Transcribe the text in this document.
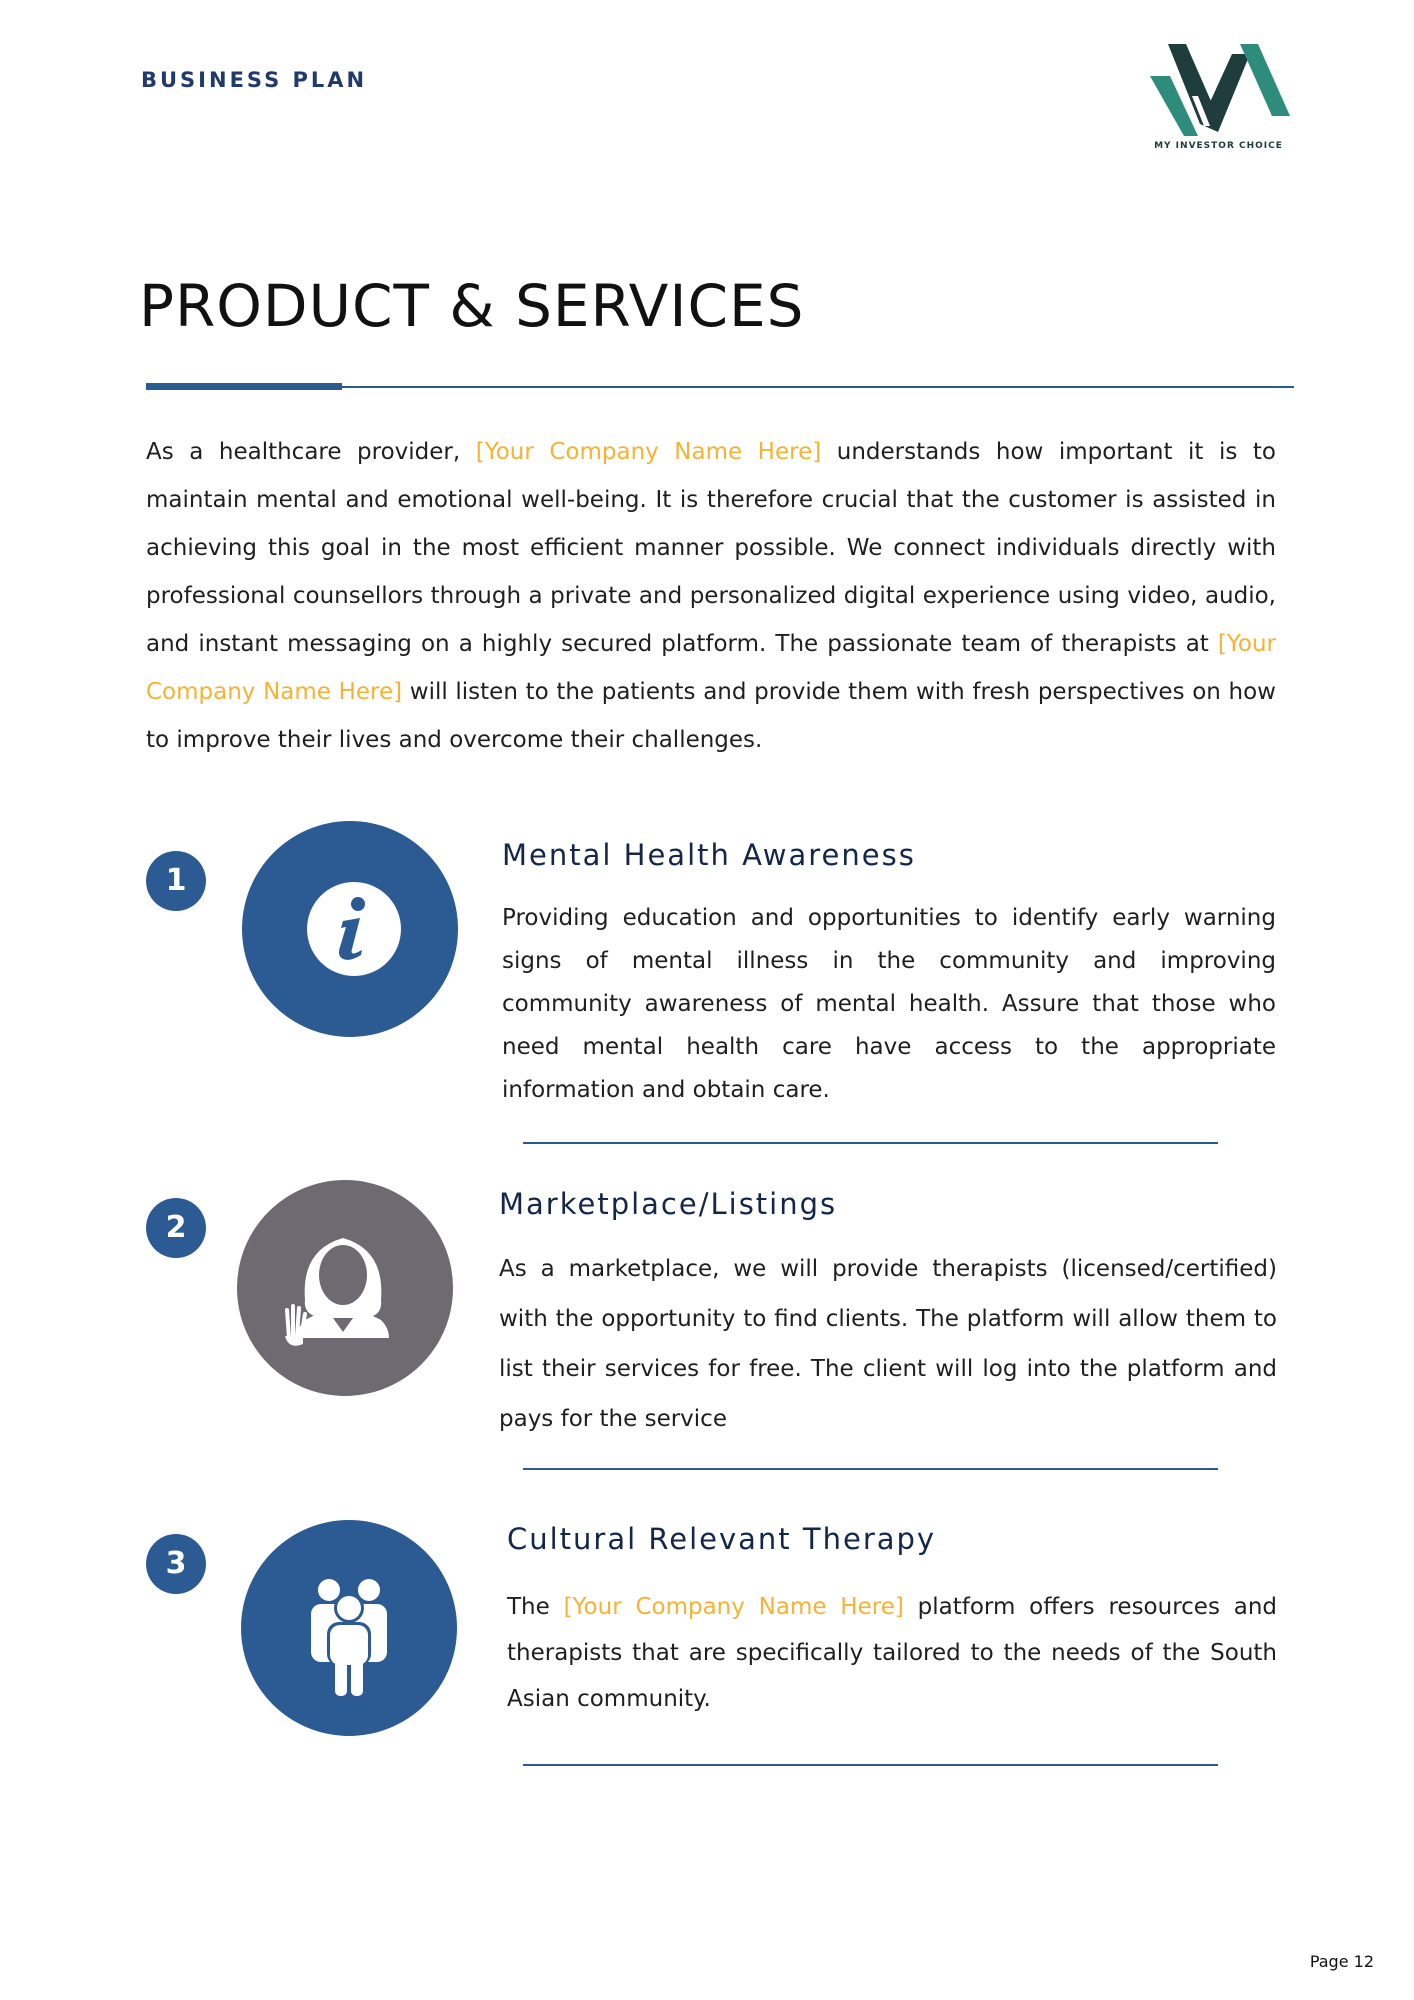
BUSINESS PLAN
MY INVESTOR CHOICE
PRODUCT & SERVICES

As a healthcare provider, [Your Company Name Here] understands how important it is to maintain mental and emotional well-being. It is therefore crucial that the customer is assisted in achieving this goal in the most efficient manner possible. We connect individuals directly with professional counsellors through a private and personalized digital experience using video, audio, and instant messaging on a highly secured platform. The passionate team of therapists at [Your Company Name Here] will listen to the patients and provide them with fresh perspectives on how to improve their lives and overcome their challenges.

1
Mental Health Awareness

Providing education and opportunities to identify early warning signs of mental illness in the community and improving community awareness of mental health. Assure that those who need mental health care have access to the appropriate information and obtain care.

2
Marketplace/Listings

As a marketplace, we will provide therapists (licensed/certified) with the opportunity to find clients. The platform will allow them to list their services for free. The client will log into the platform and pays for the service

3
Cultural Relevant Therapy

The [Your Company Name Here] platform offers resources and therapists that are specifically tailored to the needs of the South Asian community.

Page 12
